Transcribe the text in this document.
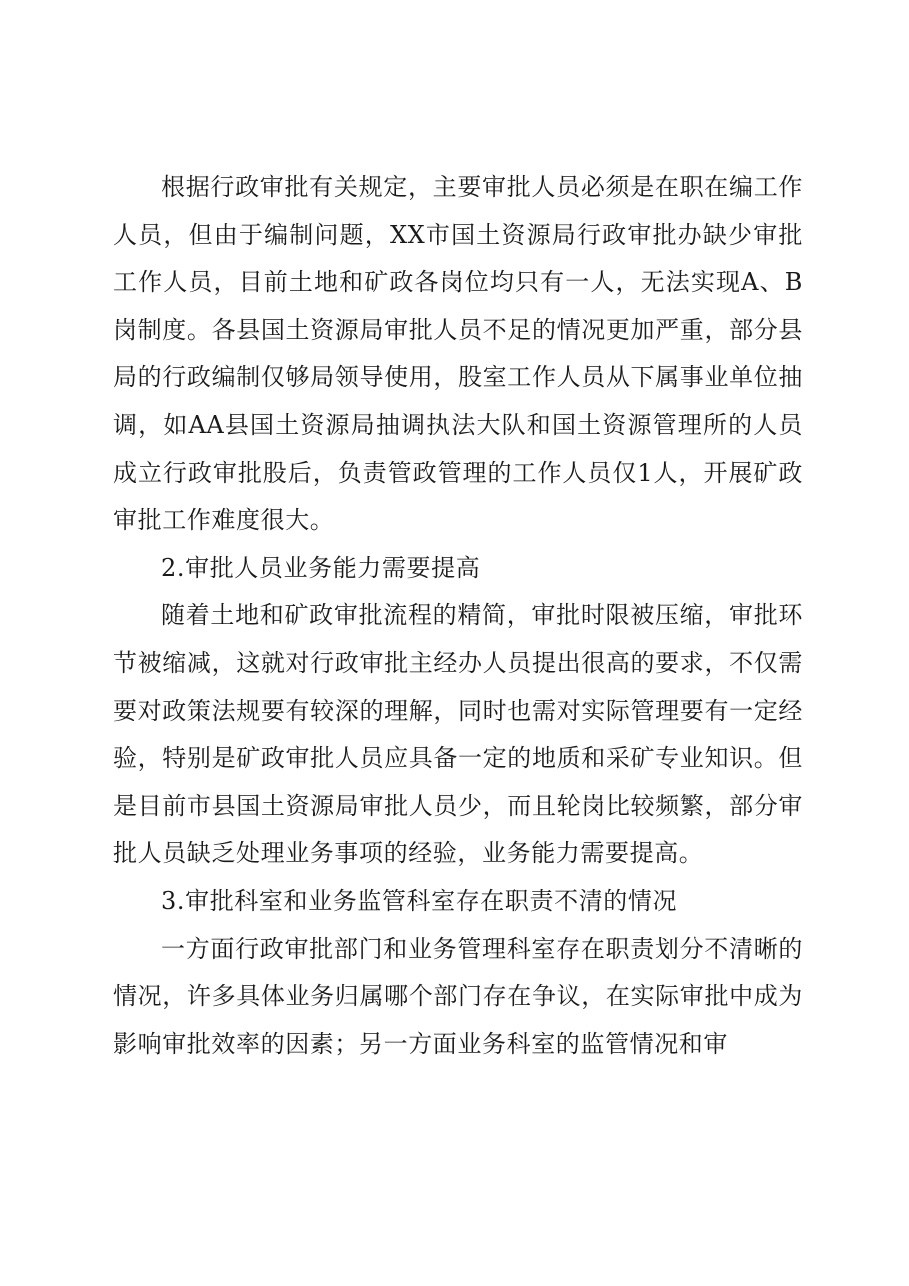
根据行政审批有关规定，主要审批人员必须是在职在编工作人员，但由于编制问题，XX市国土资源局行政审批办缺少审批工作人员，目前土地和矿政各岗位均只有一人，无法实现A、B岗制度。各县国土资源局审批人员不足的情况更加严重，部分县局的行政编制仅够局领导使用，股室工作人员从下属事业单位抽调，如AA县国土资源局抽调执法大队和国土资源管理所的人员成立行政审批股后，负责管政管理的工作人员仅1人，开展矿政审批工作难度很大。

2.审批人员业务能力需要提高

随着土地和矿政审批流程的精简，审批时限被压缩，审批环节被缩减，这就对行政审批主经办人员提出很高的要求，不仅需要对政策法规要有较深的理解，同时也需对实际管理要有一定经验，特别是矿政审批人员应具备一定的地质和采矿专业知识。但是目前市县国土资源局审批人员少，而且轮岗比较频繁，部分审批人员缺乏处理业务事项的经验，业务能力需要提高。

3.审批科室和业务监管科室存在职责不清的情况

一方面行政审批部门和业务管理科室存在职责划分不清晰的情况，许多具体业务归属哪个部门存在争议，在实际审批中成为影响审批效率的因素；另一方面业务科室的监管情况和审
